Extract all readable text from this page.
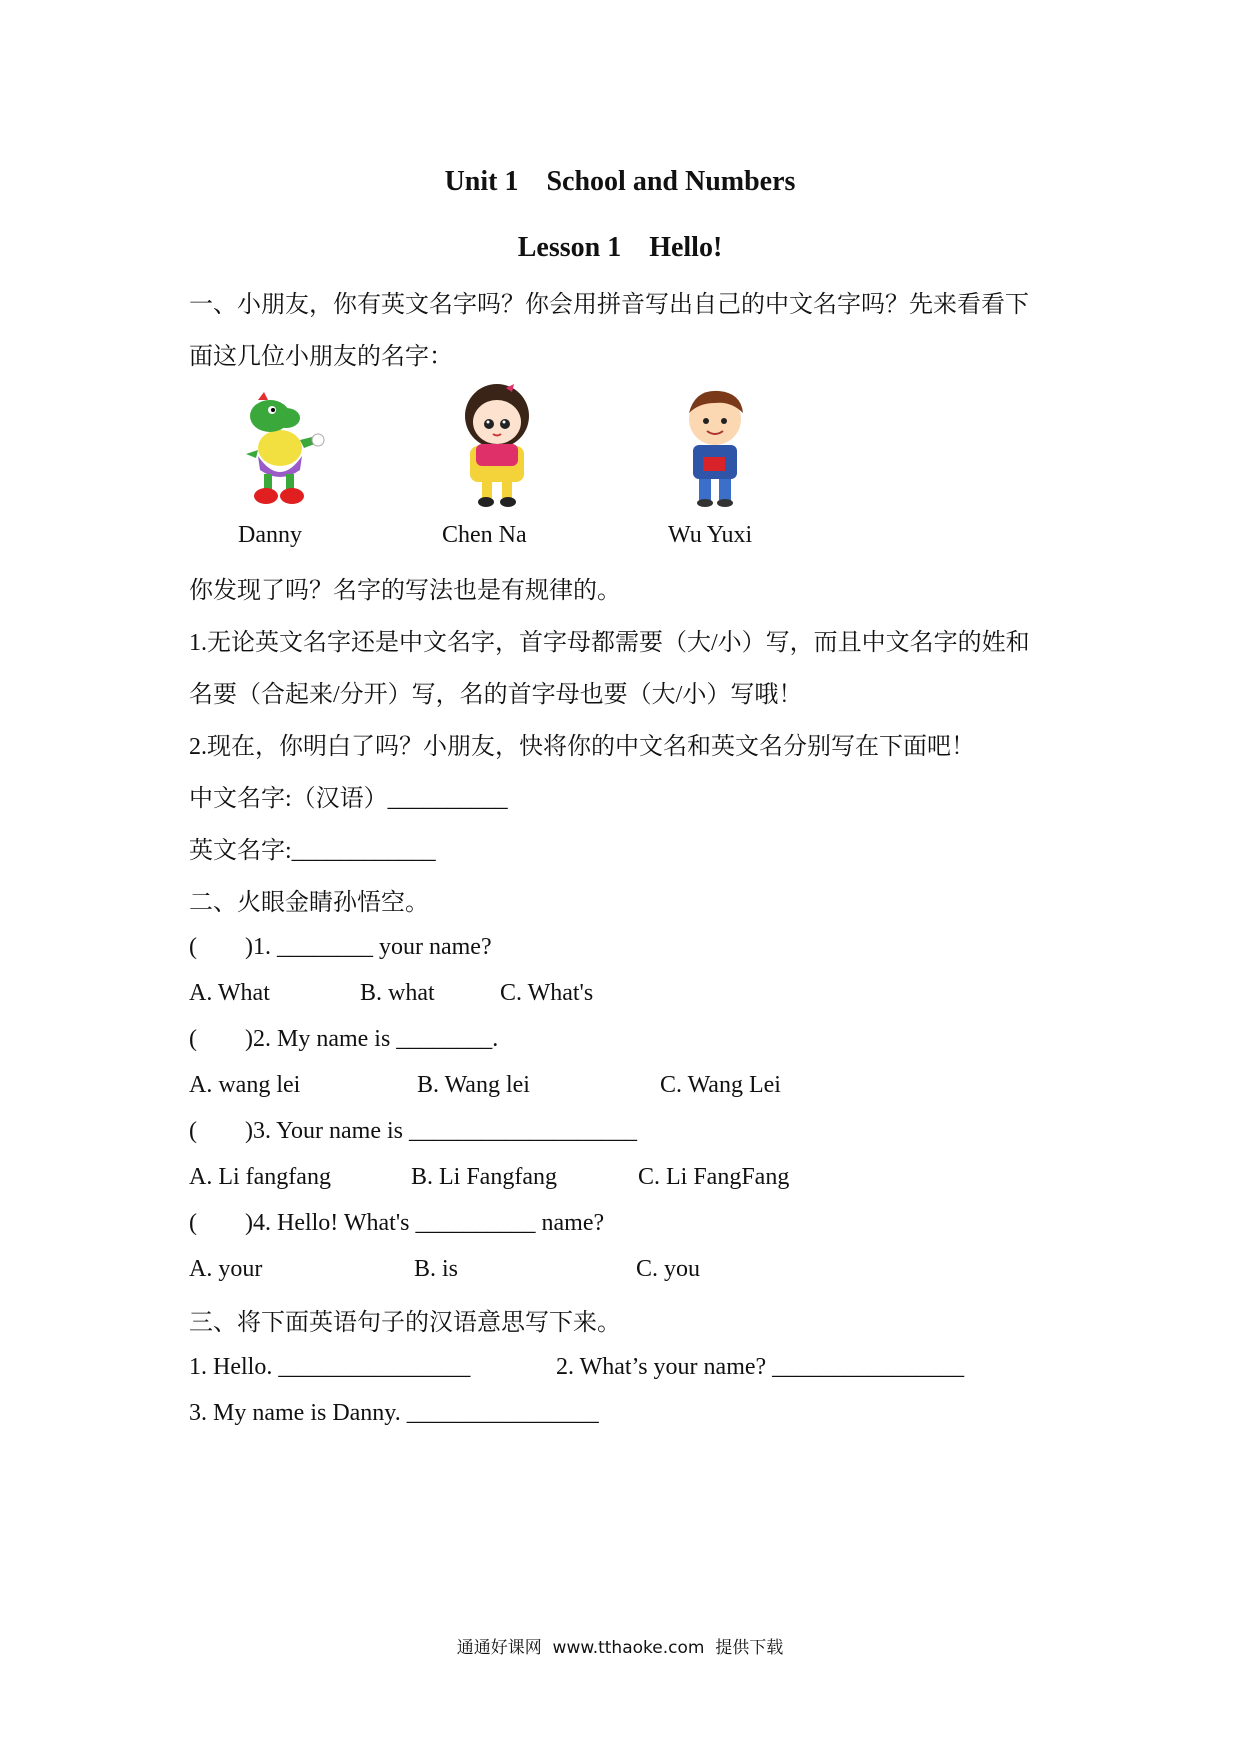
Unit 1    School and Numbers
Lesson 1    Hello!
一、小朋友，你有英文名字吗？你会用拼音写出自己的中文名字吗？先来看看下
面这几位小朋友的名字：
Danny	Chen Na	Wu Yuxi
你发现了吗？名字的写法也是有规律的。
1.无论英文名字还是中文名字，首字母都需要（大/小）写，而且中文名字的姓和
名要（合起来/分开）写，名的首字母也要（大/小）写哦！
2.现在，你明白了吗？小朋友，快将你的中文名和英文名分别写在下面吧！
中文名字:（汉语）__________
英文名字:____________
二、火眼金睛孙悟空。
(        )1. ________ your name?
A. What	B. what	C. What's
(        )2. My name is ________.
A. wang lei	B. Wang lei	C. Wang Lei
(        )3. Your name is ___________________
A. Li fangfang	B. Li Fangfang	C. Li FangFang
(        )4. Hello! What's __________ name?
A. your	B. is	C. you
三、将下面英语句子的汉语意思写下来。
1. Hello. ________________	2. What’s your name? ________________
3. My name is Danny. ________________
通通好课网  www.tthaoke.com  提供下载
